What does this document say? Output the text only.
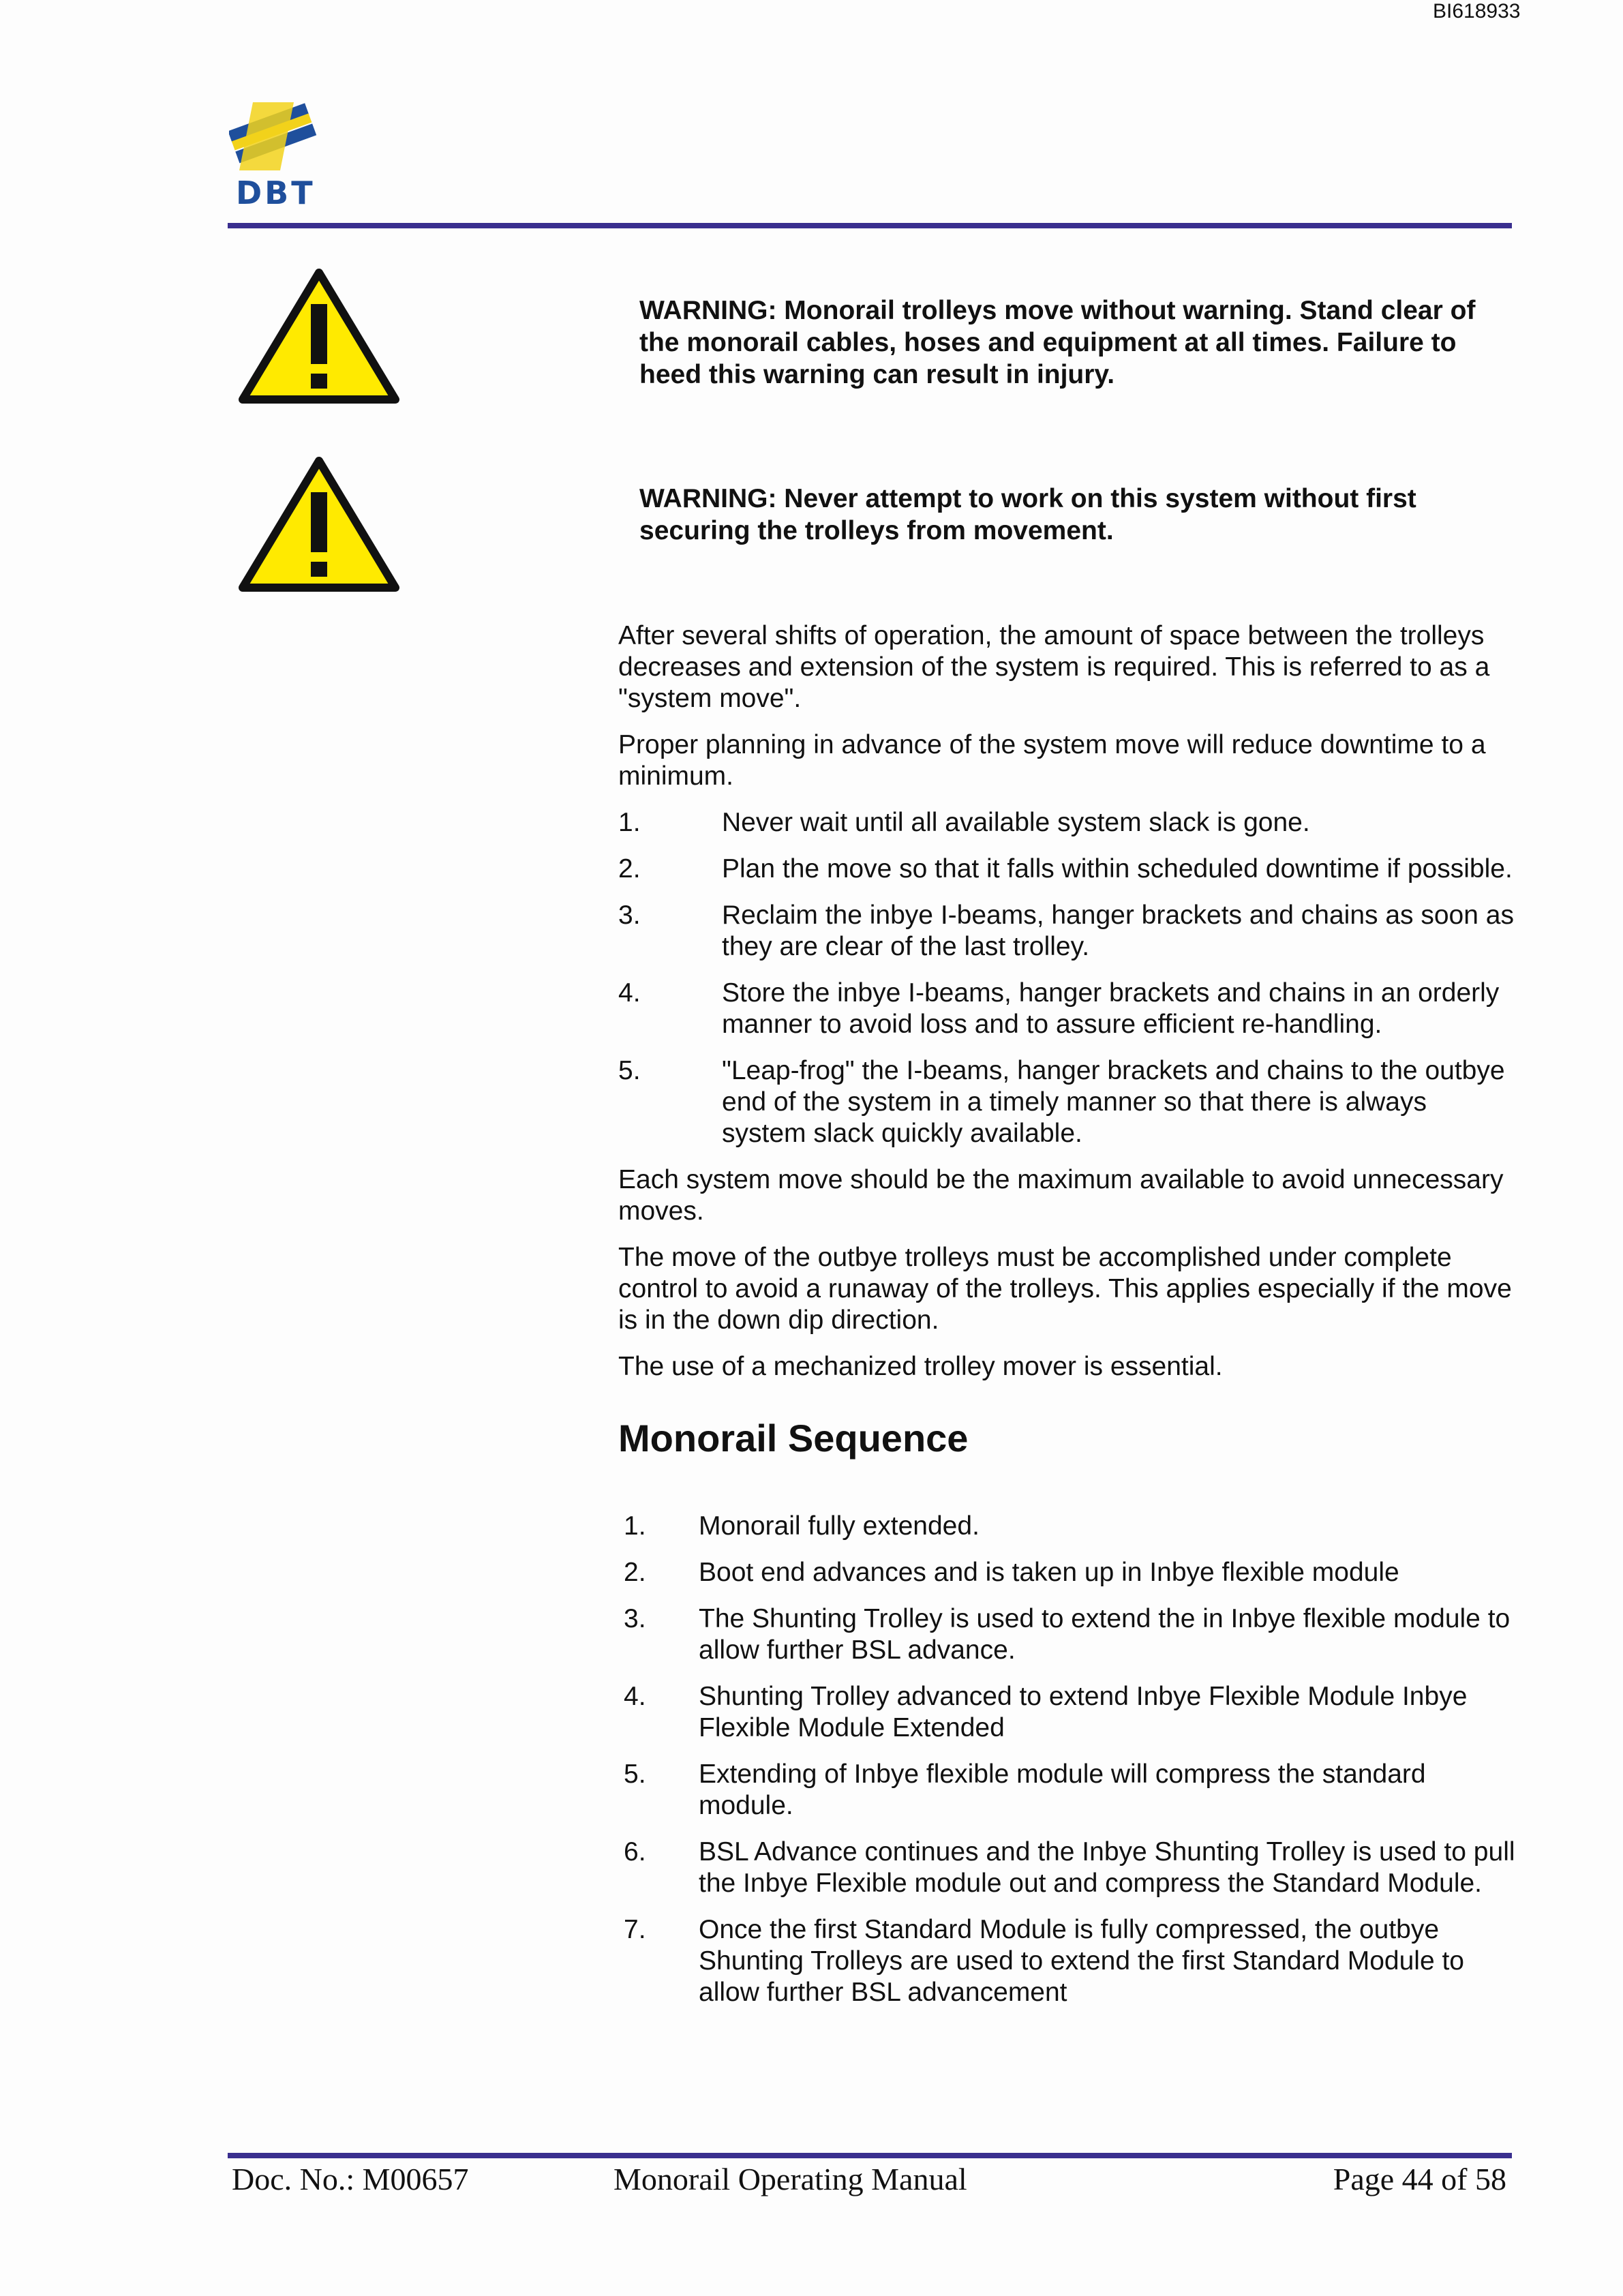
BI618933
DBT
WARNING: Monorail trolleys move without warning. Stand clear of the monorail cables, hoses and equipment at all times. Failure to heed this warning can result in injury.
WARNING: Never attempt to work on this system without first securing the trolleys from movement.

After several shifts of operation, the amount of space between the trolleys decreases and extension of the system is required. This is referred to as a "system move".

Proper planning in advance of the system move will reduce downtime to a minimum.

1.	Never wait until all available system slack is gone.
2.	Plan the move so that it falls within scheduled downtime if possible.
3.	Reclaim the inbye I-beams, hanger brackets and chains as soon as they are clear of the last trolley.
4.	Store the inbye I-beams, hanger brackets and chains in an orderly manner to avoid loss and to assure efficient re-handling.
5.	"Leap-frog" the I-beams, hanger brackets and chains to the outbye end of the system in a timely manner so that there is always system slack quickly available.

Each system move should be the maximum available to avoid unnecessary moves.

The move of the outbye trolleys must be accomplished under complete control to avoid a runaway of the trolleys. This applies especially if the move is in the down dip direction.

The use of a mechanized trolley mover is essential.

Monorail Sequence
1. Monorail fully extended.
2. Boot end advances and is taken up in Inbye flexible module
3. The Shunting Trolley is used to extend the in Inbye flexible module to allow further BSL advance.
4. Shunting Trolley advanced to extend Inbye Flexible Module Inbye Flexible Module Extended
5. Extending of Inbye flexible module will compress the standard module.
6. BSL Advance continues and the Inbye Shunting Trolley is used to pull the Inbye Flexible module out and compress the Standard Module.
7. Once the first Standard Module is fully compressed, the outbye Shunting Trolleys are used to extend the first Standard Module to allow further BSL advancement
Doc. No.: M00657	Monorail Operating Manual	Page 44 of 58
